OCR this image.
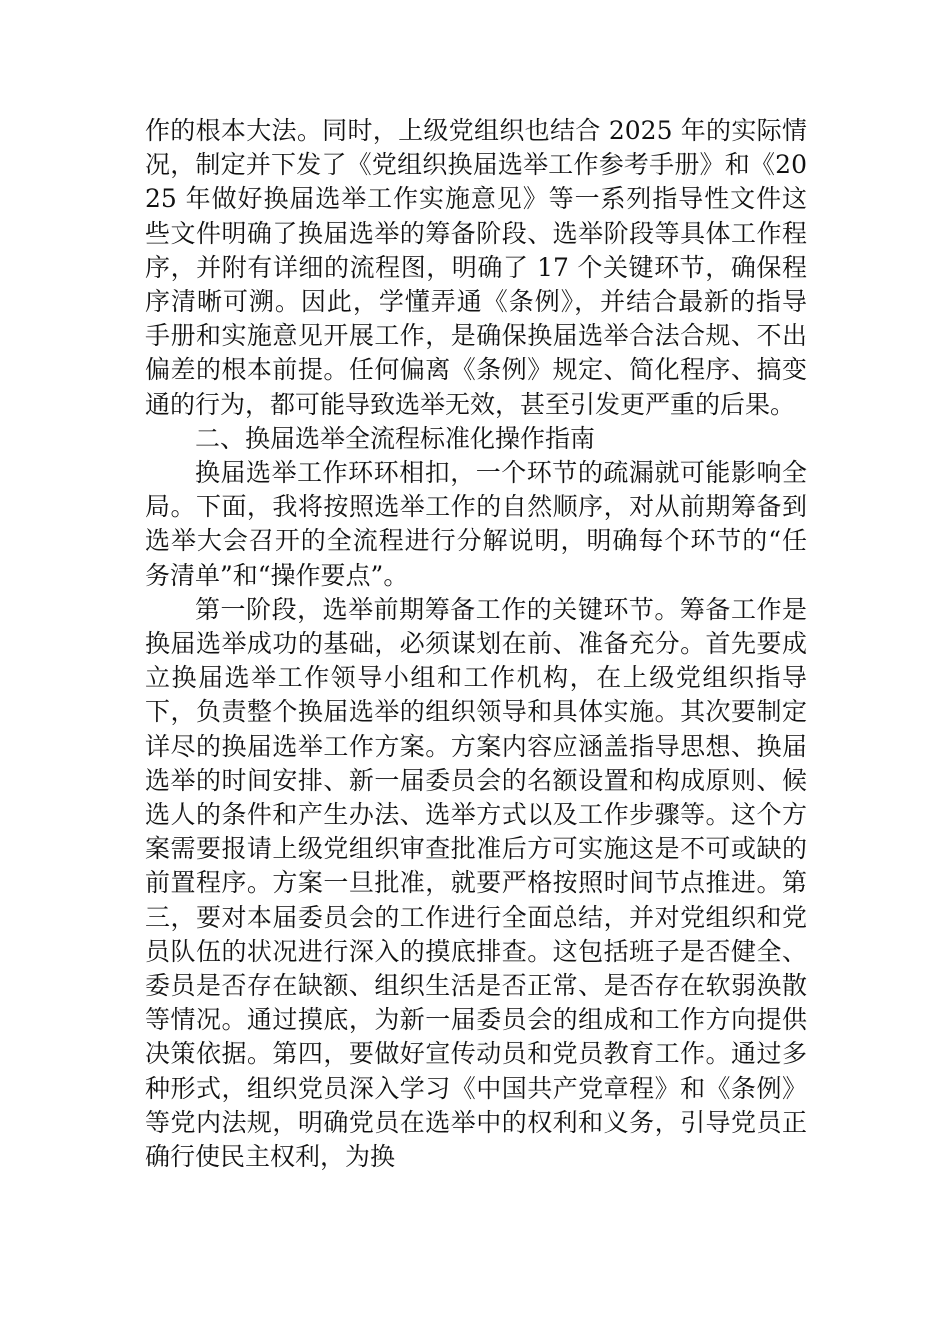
作的根本大法。同时，上级党组织也结合 2025 年的实际情况，制定并下发了《党组织换届选举工作参考手册》和《2025 年做好换届选举工作实施意见》等一系列指导性文件这些文件明确了换届选举的筹备阶段、选举阶段等具体工作程序，并附有详细的流程图，明确了 17 个关键环节，确保程序清晰可溯。因此，学懂弄通《条例》，并结合最新的指导手册和实施意见开展工作，是确保换届选举合法合规、不出偏差的根本前提。任何偏离《条例》规定、简化程序、搞变通的行为，都可能导致选举无效，甚至引发更严重的后果。

二、换届选举全流程标准化操作指南

换届选举工作环环相扣，一个环节的疏漏就可能影响全局。下面，我将按照选举工作的自然顺序，对从前期筹备到选举大会召开的全流程进行分解说明，明确每个环节的“任务清单”和“操作要点”。

第一阶段，选举前期筹备工作的关键环节。筹备工作是换届选举成功的基础，必须谋划在前、准备充分。首先要成立换届选举工作领导小组和工作机构，在上级党组织指导下，负责整个换届选举的组织领导和具体实施。其次要制定详尽的换届选举工作方案。方案内容应涵盖指导思想、换届选举的时间安排、新一届委员会的名额设置和构成原则、候选人的条件和产生办法、选举方式以及工作步骤等。这个方案需要报请上级党组织审查批准后方可实施这是不可或缺的前置程序。方案一旦批准，就要严格按照时间节点推进。第三，要对本届委员会的工作进行全面总结，并对党组织和党员队伍的状况进行深入的摸底排查。这包括班子是否健全、委员是否存在缺额、组织生活是否正常、是否存在软弱涣散等情况。通过摸底，为新一届委员会的组成和工作方向提供决策依据。第四，要做好宣传动员和党员教育工作。通过多种形式，组织党员深入学习《中国共产党章程》和《条例》等党内法规，明确党员在选举中的权利和义务，引导党员正确行使民主权利，为换
